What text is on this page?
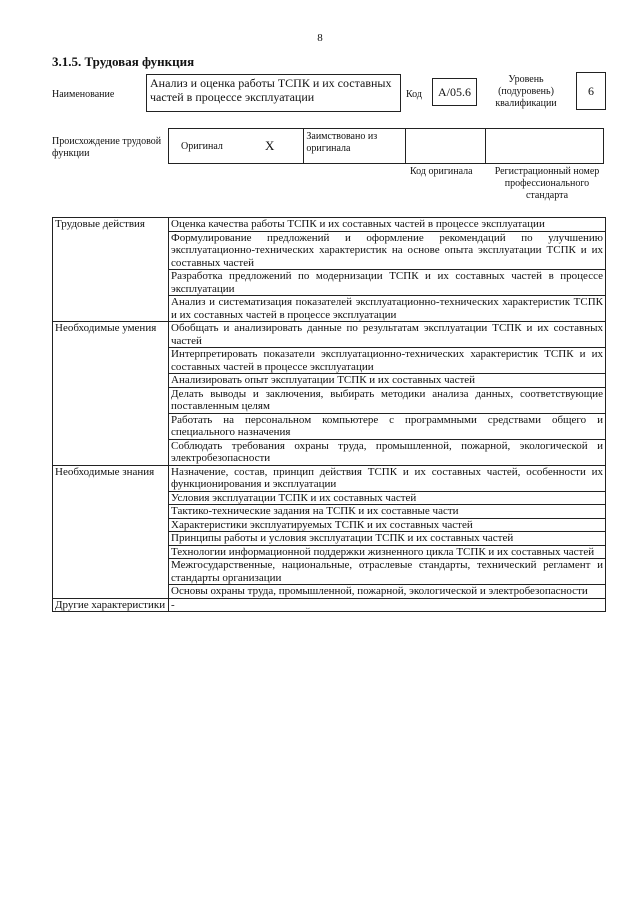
8
3.1.5. Трудовая функция
Наименование
Анализ и оценка работы ТСПК и их составных частей в процессе эксплуатации	Код	A/05.6
Уровень (подуровень) квалификации
6
Происхождение трудовой функции
Оригинал	X
Заимствовано из оригинала
Код оригинала	Регистрационный номер профессионального стандарта
Трудовые действия	Оценка качества работы ТСПК и их составных частей в процессе эксплуатации
	Формулирование предложений и оформление рекомендаций по улучшению эксплуатационно-технических характеристик на основе опыта эксплуатации ТСПК и их составных частей
	Разработка предложений по модернизации ТСПК и их составных частей в процессе эксплуатации
	Анализ и систематизация показателей эксплуатационно-технических характеристик ТСПК и их составных частей в процессе эксплуатации
Необходимые умения	Обобщать и анализировать данные по результатам эксплуатации ТСПК и их составных частей
	Интерпретировать показатели эксплуатационно-технических характеристик ТСПК и их составных частей в процессе эксплуатации
	Анализировать опыт эксплуатации ТСПК и их составных частей
	Делать выводы и заключения, выбирать методики анализа данных, соответствующие поставленным целям
	Работать на персональном компьютере с программными средствами общего и специального назначения
	Соблюдать требования охраны труда, промышленной, пожарной, экологической и электробезопасности
Необходимые знания	Назначение, состав, принцип действия ТСПК и их составных частей, особенности их функционирования и эксплуатации
	Условия эксплуатации ТСПК и их составных частей
	Тактико-технические задания на ТСПК и их составные части
	Характеристики эксплуатируемых ТСПК и их составных частей
	Принципы работы и условия эксплуатации ТСПК и их составных частей
	Технологии информационной поддержки жизненного цикла ТСПК и их составных частей
	Межгосударственные, национальные, отраслевые стандарты, технический регламент и стандарты организации
	Основы охраны труда, промышленной, пожарной, экологической и электробезопасности
Другие характеристики	-
